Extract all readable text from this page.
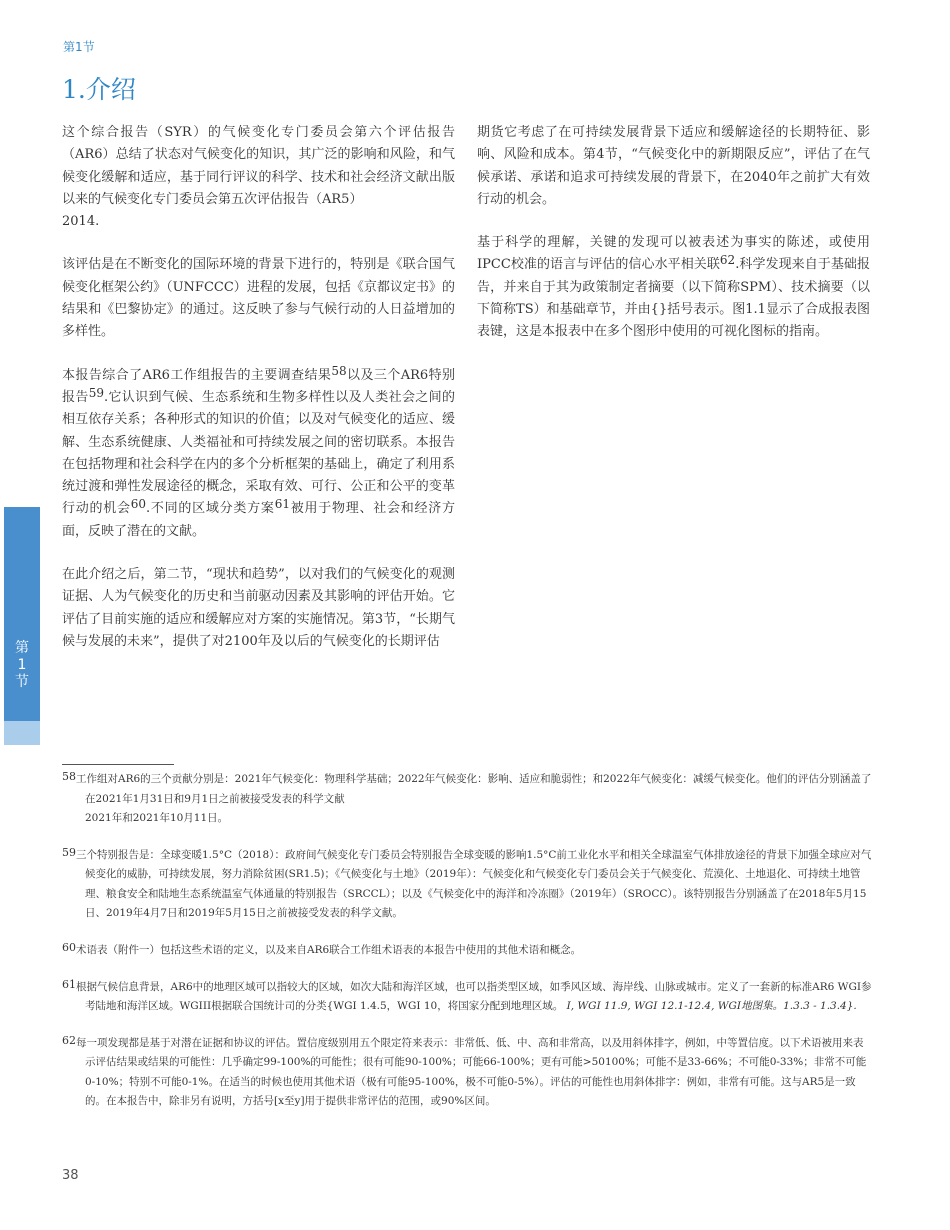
第1节
1.介绍

这个综合报告（SYR）的气候变化专门委员会第六个评估报告（AR6）总结了状态对气候变化的知识，其广泛的影响和风险，和气候变化缓解和适应，基于同行评议的科学、技术和社会经济文献出版以来的气候变化专门委员会第五次评估报告（AR5）
2014.

该评估是在不断变化的国际环境的背景下进行的，特别是《联合国气候变化框架公约》（UNFCCC）进程的发展，包括《京都议定书》的结果和《巴黎协定》的通过。这反映了参与气候行动的人日益增加的多样性。

本报告综合了AR6工作组报告的主要调查结果$^{58}$以及三个AR6特别报告$^{59}$.它认识到气候、生态系统和生物多样性以及人类社会之间的相互依存关系；各种形式的知识的价值；以及对气候变化的适应、缓解、生态系统健康、人类福祉和可持续发展之间的密切联系。本报告在包括物理和社会科学在内的多个分析框架的基础上，确定了利用系统过渡和弹性发展途径的概念，采取有效、可行、公正和公平的变革行动的机会$^{60}$.不同的区域分类方案$^{61}$被用于物理、社会和经济方面，反映了潜在的文献。

在此介绍之后，第二节，“现状和趋势”，以对我们的气候变化的观测证据、人为气候变化的历史和当前驱动因素及其影响的评估开始。它评估了目前实施的适应和缓解应对方案的实施情况。第3节，“长期气候与发展的未来”，提供了对2100年及以后的气候变化的长期评估

期货它考虑了在可持续发展背景下适应和缓解途径的长期特征、影响、风险和成本。第4节，“气候变化中的新期限反应”，评估了在气候承诺、承诺和追求可持续发展的背景下，在2040年之前扩大有效行动的机会。

基于科学的理解，关键的发现可以被表述为事实的陈述，或使用IPCC校准的语言与评估的信心水平相关联$^{62}$.科学发现来自于基础报告，并来自于其为政策制定者摘要（以下简称SPM）、技术摘要（以下简称TS）和基础章节，并由{}括号表示。图1.1显示了合成报表图表键，这是本报表中在多个图形中使用的可视化图标的指南。

第
1
节
58工作组对AR6的三个贡献分别是：2021年气候变化：物理科学基础；2022年气候变化：影响、适应和脆弱性；和2022年气候变化：减缓气候变化。他们的评估分别涵盖了在2021年1月31日和9月1日之前被接受发表的科学文献
2021年和2021年10月11日。
59三个特别报告是：全球变暖1.5°C（2018）：政府间气候变化专门委员会特别报告全球变暖的影响1.5°C前工业化水平和相关全球温室气体排放途径的背景下加强全球应对气候变化的威胁，可持续发展，努力消除贫困(SR1.5)；《气候变化与土地》（2019年）：气候变化和气候变化专门委员会关于气候变化、荒漠化、土地退化、可持续土地管理、粮食安全和陆地生态系统温室气体通量的特别报告（SRCCL）；以及《气候变化中的海洋和冷冻圈》（2019年）（SROCC）。该特别报告分别涵盖了在2018年5月15日、2019年4月7日和2019年5月15日之前被接受发表的科学文献。
60术语表（附件一）包括这些术语的定义，以及来自AR6联合工作组术语表的本报告中使用的其他术语和概念。
61根据气候信息背景，AR6中的地理区域可以指较大的区域，如次大陆和海洋区域，也可以指类型区域，如季风区域、海岸线、山脉或城市。定义了一套新的标准AR6 WGI参考陆地和海洋区域。WGIII根据联合国统计司的分类{WGI 1.4.5，WGI 10，将国家分配到地理区域。 I, WGI 11.9, WGI 12.1-12.4, WGI地图集。1.3.3 - 1.3.4}.
62每一项发现都是基于对潜在证据和协议的评估。置信度级别用五个限定符来表示：非常低、低、中、高和非常高，以及用斜体排字，例如，中等置信度。以下术语被用来表示评估结果或结果的可能性：几乎确定99-100%的可能性；很有可能90-100%；可能66-100%；更有可能>50100%；可能不是33-66%；不可能0-33%；非常不可能0-10%；特别不可能0-1%。在适当的时候也使用其他术语（极有可能95-100%，极不可能0-5%）。评估的可能性也用斜体排字：例如，非常有可能。这与AR5是一致的。在本报告中，除非另有说明，方括号[x至y]用于提供非常评估的范围，或90%区间。
38
